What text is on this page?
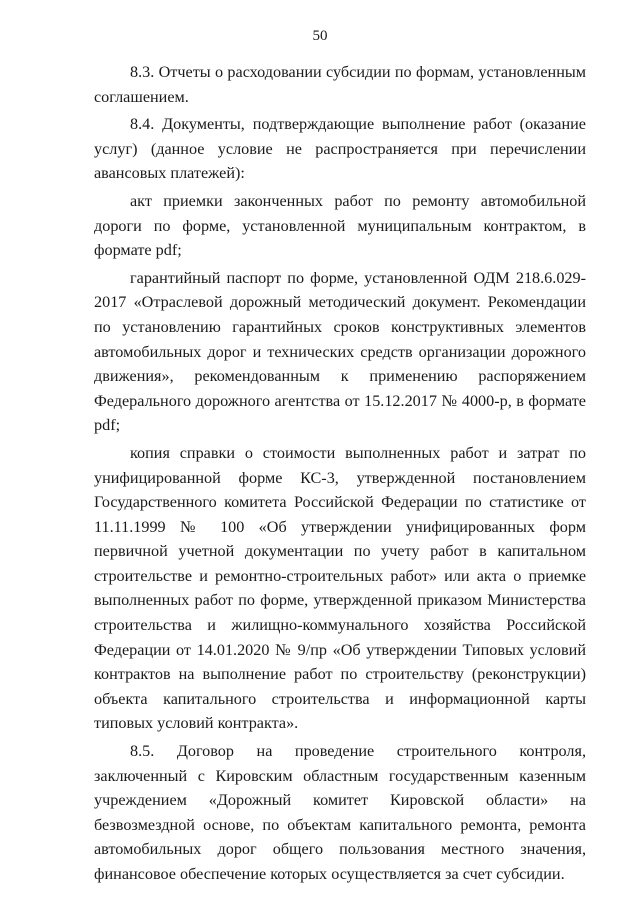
50

8.3. Отчеты о расходовании субсидии по формам, установленным соглашением.

8.4. Документы, подтверждающие выполнение работ (оказание услуг) (данное условие не распространяется при перечислении авансовых платежей):

акт приемки законченных работ по ремонту автомобильной дороги по форме, установленной муниципальным контрактом, в формате pdf;

гарантийный паспорт по форме, установленной ОДМ 218.6.029-2017 «Отраслевой дорожный методический документ. Рекомендации по установлению гарантийных сроков конструктивных элементов автомобильных дорог и технических средств организации дорожного движения», рекомендованным к применению распоряжением Федерального дорожного агентства от 15.12.2017 № 4000-р, в формате pdf;

копия справки о стоимости выполненных работ и затрат по унифицированной форме КС-3, утвержденной постановлением Государственного комитета Российской Федерации по статистике от 11.11.1999 № 100 «Об утверждении унифицированных форм первичной учетной документации по учету работ в капитальном строительстве и ремонтно-строительных работ» или акта о приемке выполненных работ по форме, утвержденной приказом Министерства строительства и жилищно-коммунального хозяйства Российской Федерации от 14.01.2020 № 9/пр «Об утверждении Типовых условий контрактов на выполнение работ по строительству (реконструкции) объекта капитального строительства и информационной карты типовых условий контракта».

8.5. Договор на проведение строительного контроля, заключенный с Кировским областным государственным казенным учреждением «Дорожный комитет Кировской области» на безвозмездной основе, по объектам капитального ремонта, ремонта автомобильных дорог общего пользования местного значения, финансовое обеспечение которых осуществляется за счет субсидии.
